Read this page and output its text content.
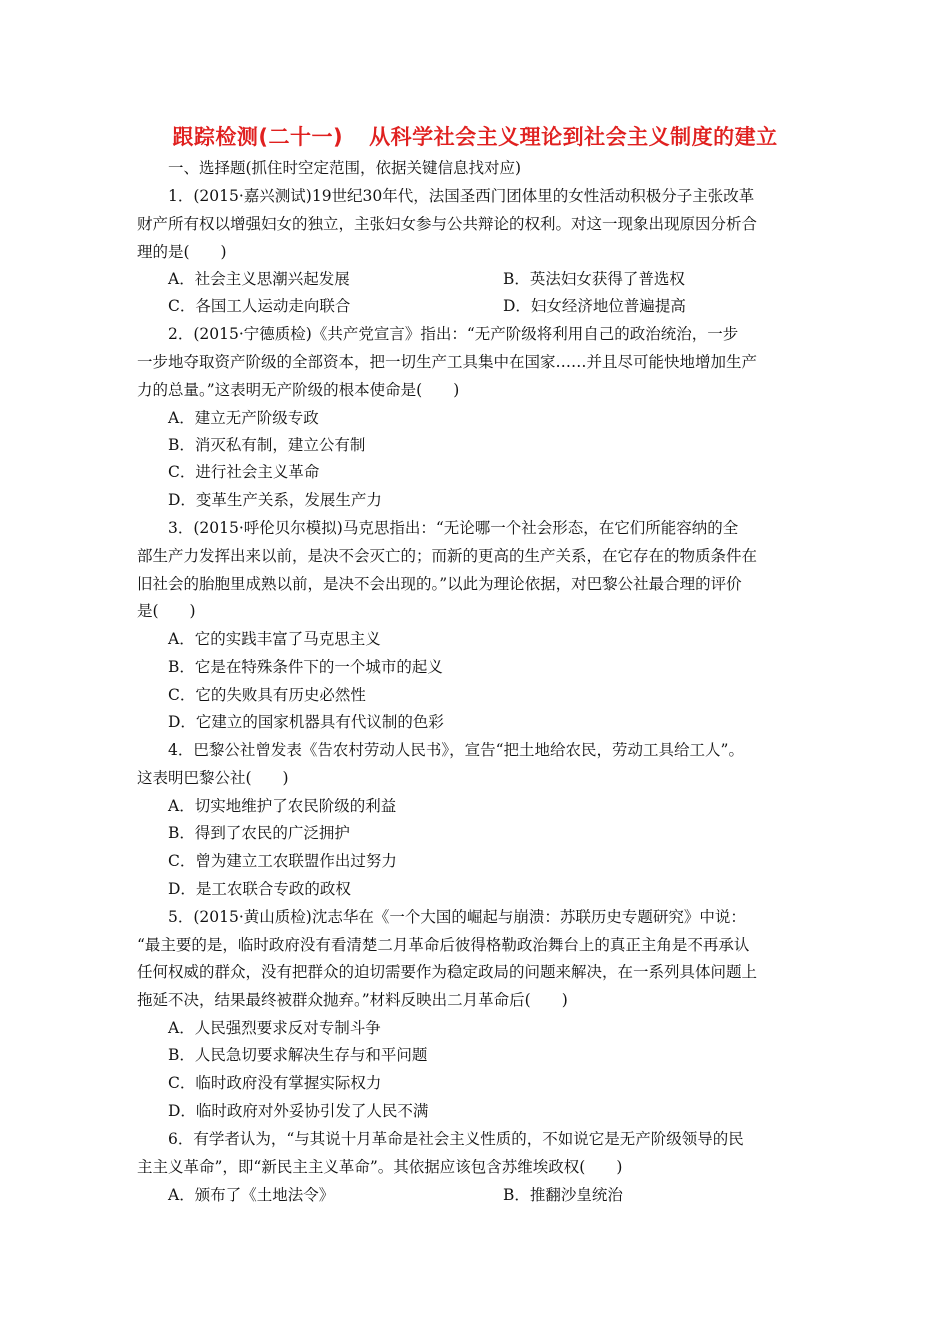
跟踪检测(二十一) 从科学社会主义理论到社会主义制度的建立
一、选择题(抓住时空定范围，依据关键信息找对应)
1．(2015·嘉兴测试)19世纪30年代，法国圣西门团体里的女性活动积极分子主张改革
财产所有权以增强妇女的独立，主张妇女参与公共辩论的权利。对这一现象出现原因分析合
理的是(　　)
A．社会主义思潮兴起发展	B．英法妇女获得了普选权
C．各国工人运动走向联合	D．妇女经济地位普遍提高
2．(2015·宁德质检)《共产党宣言》指出：“无产阶级将利用自己的政治统治，一步
一步地夺取资产阶级的全部资本，把一切生产工具集中在国家……并且尽可能快地增加生产
力的总量。”这表明无产阶级的根本使命是(　　)
A．建立无产阶级专政
B．消灭私有制，建立公有制
C．进行社会主义革命
D．变革生产关系，发展生产力
3．(2015·呼伦贝尔模拟)马克思指出：“无论哪一个社会形态，在它们所能容纳的全
部生产力发挥出来以前，是决不会灭亡的；而新的更高的生产关系，在它存在的物质条件在
旧社会的胎胞里成熟以前，是决不会出现的。”以此为理论依据，对巴黎公社最合理的评价
是(　　)
A．它的实践丰富了马克思主义
B．它是在特殊条件下的一个城市的起义
C．它的失败具有历史必然性
D．它建立的国家机器具有代议制的色彩
4．巴黎公社曾发表《告农村劳动人民书》，宣告“把土地给农民，劳动工具给工人”。
这表明巴黎公社(　　)
A．切实地维护了农民阶级的利益
B．得到了农民的广泛拥护
C．曾为建立工农联盟作出过努力
D．是工农联合专政的政权
5．(2015·黄山质检)沈志华在《一个大国的崛起与崩溃：苏联历史专题研究》中说：
“最主要的是，临时政府没有看清楚二月革命后彼得格勒政治舞台上的真正主角是不再承认
任何权威的群众，没有把群众的迫切需要作为稳定政局的问题来解决，在一系列具体问题上
拖延不决，结果最终被群众抛弃。”材料反映出二月革命后(　　)
A．人民强烈要求反对专制斗争
B．人民急切要求解决生存与和平问题
C．临时政府没有掌握实际权力
D．临时政府对外妥协引发了人民不满
6．有学者认为，“与其说十月革命是社会主义性质的，不如说它是无产阶级领导的民
主主义革命”，即“新民主主义革命”。其依据应该包含苏维埃政权(　　)
A．颁布了《土地法令》	B．推翻沙皇统治
